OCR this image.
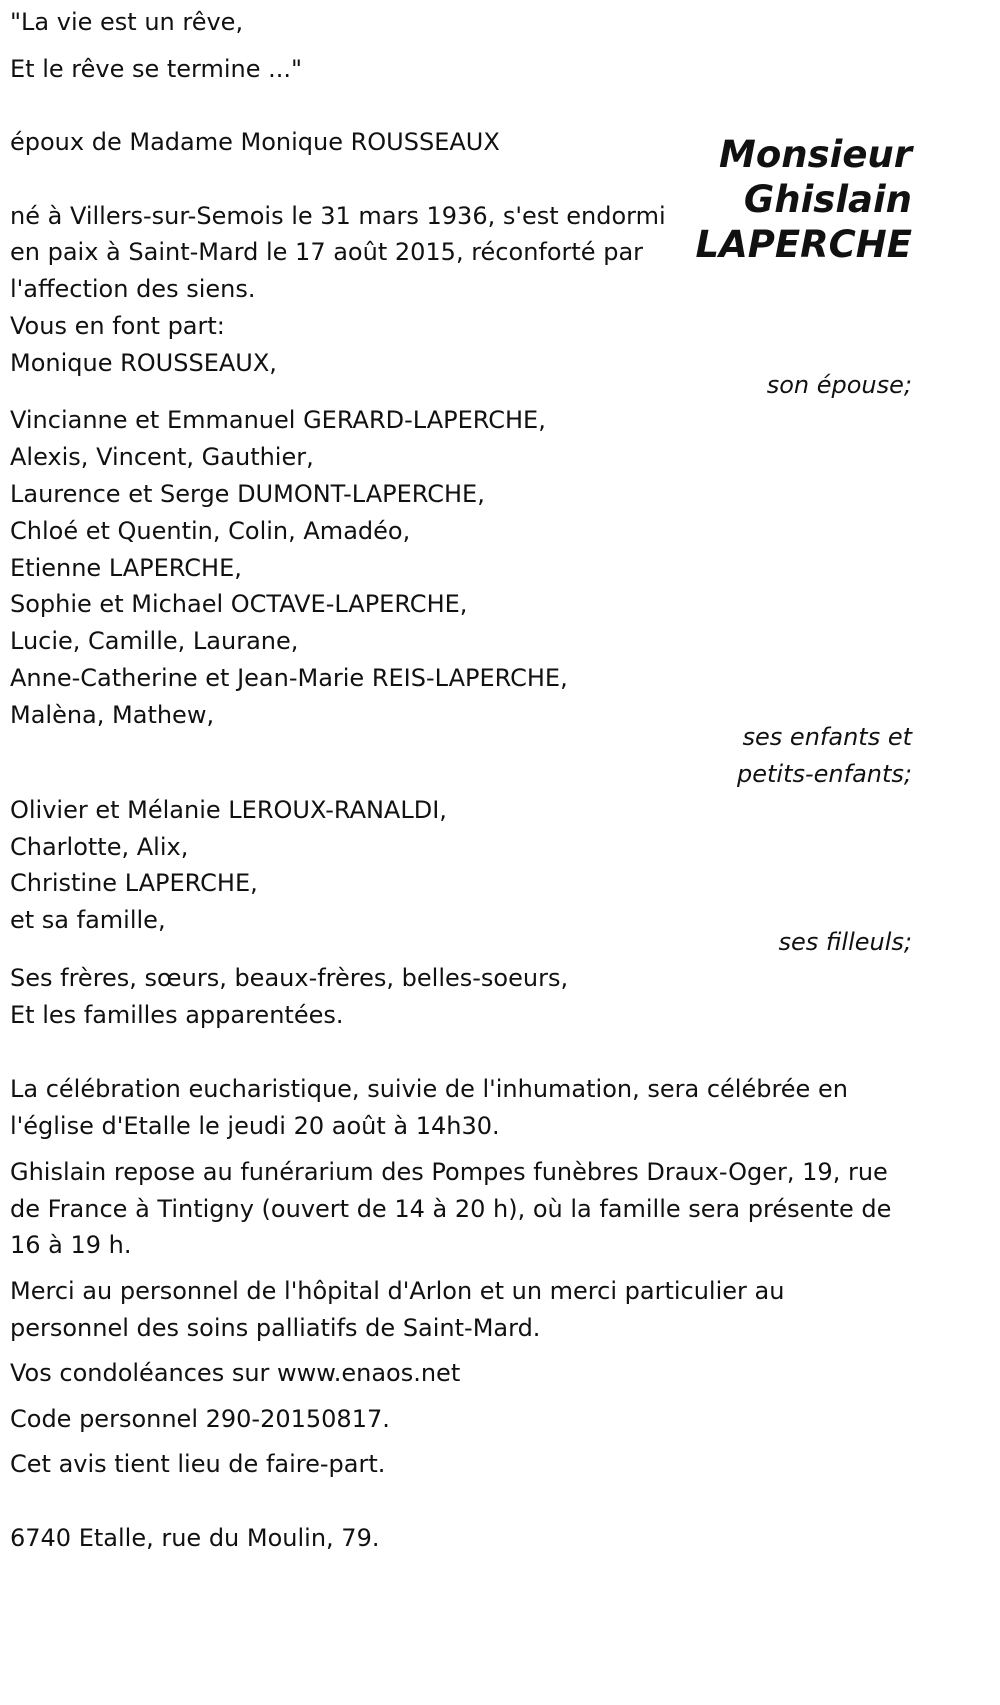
"La vie est un rêve,
Et le rêve se termine ..."
époux de Madame Monique ROUSSEAUX	Monsieur
Ghislain
LAPERCHE
né à Villers-sur-Semois le 31 mars 1936, s'est endormi
en paix à Saint-Mard le 17 août 2015, réconforté par
l'affection des siens.
Vous en font part:
Monique ROUSSEAUX,
son épouse;
Vincianne et Emmanuel GERARD-LAPERCHE,
Alexis, Vincent, Gauthier,
Laurence et Serge DUMONT-LAPERCHE,
Chloé et Quentin, Colin, Amadéo,
Etienne LAPERCHE,
Sophie et Michael OCTAVE-LAPERCHE,
Lucie, Camille, Laurane,
Anne-Catherine et Jean-Marie REIS-LAPERCHE,
Malèna, Mathew,
ses enfants et
petits-enfants;
Olivier et Mélanie LEROUX-RANALDI,
Charlotte, Alix,
Christine LAPERCHE,
et sa famille,
ses filleuls;
Ses frères, sœurs, beaux-frères, belles-soeurs,
Et les familles apparentées.
La célébration eucharistique, suivie de l'inhumation, sera célébrée en
l'église d'Etalle le jeudi 20 août à 14h30.
Ghislain repose au funérarium des Pompes funèbres Draux-Oger, 19, rue
de France à Tintigny (ouvert de 14 à 20 h), où la famille sera présente de
16 à 19 h.
Merci au personnel de l'hôpital d'Arlon et un merci particulier au
personnel des soins palliatifs de Saint-Mard.
Vos condoléances sur www.enaos.net
Code personnel 290-20150817.
Cet avis tient lieu de faire-part.
6740 Etalle, rue du Moulin, 79.
